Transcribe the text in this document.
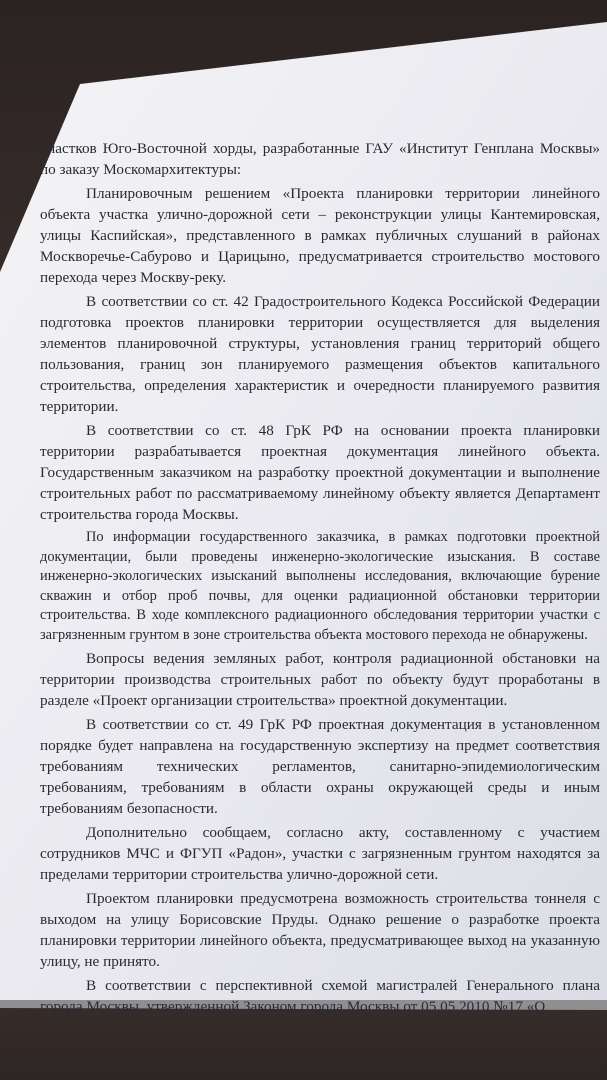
участков Юго-Восточной хорды, разработанные ГАУ «Институт Генплана Москвы» по заказу Москомархитектуры:

Планировочным решением «Проекта планировки территории линейного объекта участка улично-дорожной сети – реконструкции улицы Кантемировская, улицы Каспийская», представленного в рамках публичных слушаний в районах Москворечье-Сабурово и Царицыно, предусматривается строительство мостового перехода через Москву-реку.

В соответствии со ст. 42 Градостроительного Кодекса Российской Федерации подготовка проектов планировки территории осуществляется для выделения элементов планировочной структуры, установления границ территорий общего пользования, границ зон планируемого размещения объектов капитального строительства, определения характеристик и очередности планируемого развития территории.

В соответствии со ст. 48 ГрК РФ на основании проекта планировки территории разрабатывается проектная документация линейного объекта. Государственным заказчиком на разработку проектной документации и выполнение строительных работ по рассматриваемому линейному объекту является Департамент строительства города Москвы.

По информации государственного заказчика, в рамках подготовки проектной документации, были проведены инженерно-экологические изыскания. В составе инженерно-экологических изысканий выполнены исследования, включающие бурение скважин и отбор проб почвы, для оценки радиационной обстановки территории строительства. В ходе комплексного радиационного обследования территории участки с загрязненным грунтом в зоне строительства объекта мостового перехода не обнаружены.

Вопросы ведения земляных работ, контроля радиационной обстановки на территории производства строительных работ по объекту будут проработаны в разделе «Проект организации строительства» проектной документации.

В соответствии со ст. 49 ГрК РФ проектная документация в установленном порядке будет направлена на государственную экспертизу на предмет соответствия требованиям технических регламентов, санитарно-эпидемиологическим требованиям, требованиям в области охраны окружающей среды и иным требованиям безопасности.

Дополнительно сообщаем, согласно акту, составленному с участием сотрудников МЧС и ФГУП «Радон», участки с загрязненным грунтом находятся за пределами территории строительства улично-дорожной сети.

Проектом планировки предусмотрена возможность строительства тоннеля с выходом на улицу Борисовские Пруды. Однако решение о разработке проекта планировки территории линейного объекта, предусматривающее выход на указанную улицу, не принято.

В соответствии с перспективной схемой магистралей Генерального плана города Москвы, утвержденной Законом города Москвы от 05.05.2010 №17 «О
